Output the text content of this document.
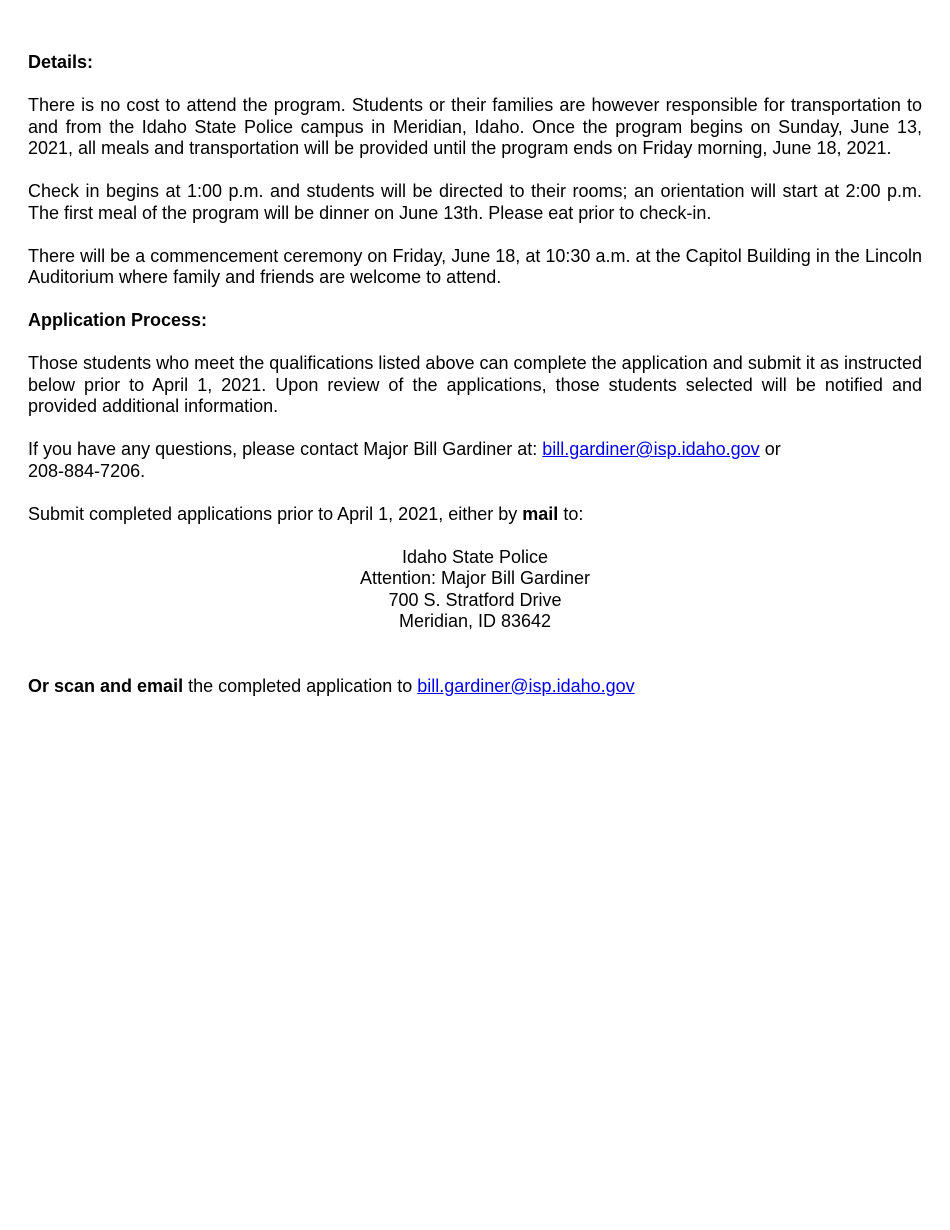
Details:

There is no cost to attend the program. Students or their families are however responsible for transportation to and from the Idaho State Police campus in Meridian, Idaho. Once the program begins on Sunday, June 13, 2021, all meals and transportation will be provided until the program ends on Friday morning, June 18, 2021.

Check in begins at 1:00 p.m. and students will be directed to their rooms; an orientation will start at 2:00 p.m. The first meal of the program will be dinner on June 13th. Please eat prior to check-in.

There will be a commencement ceremony on Friday, June 18, at 10:30 a.m. at the Capitol Building in the Lincoln Auditorium where family and friends are welcome to attend.

Application Process:

Those students who meet the qualifications listed above can complete the application and submit it as instructed below prior to April 1, 2021. Upon review of the applications, those students selected will be notified and provided additional information.

If you have any questions, please contact Major Bill Gardiner at: bill.gardiner@isp.idaho.gov or
208-884-7206.

Submit completed applications prior to April 1, 2021, either by mail to:

Idaho State Police
Attention: Major Bill Gardiner
700 S. Stratford Drive
Meridian, ID 83642

Or scan and email the completed application to bill.gardiner@isp.idaho.gov
